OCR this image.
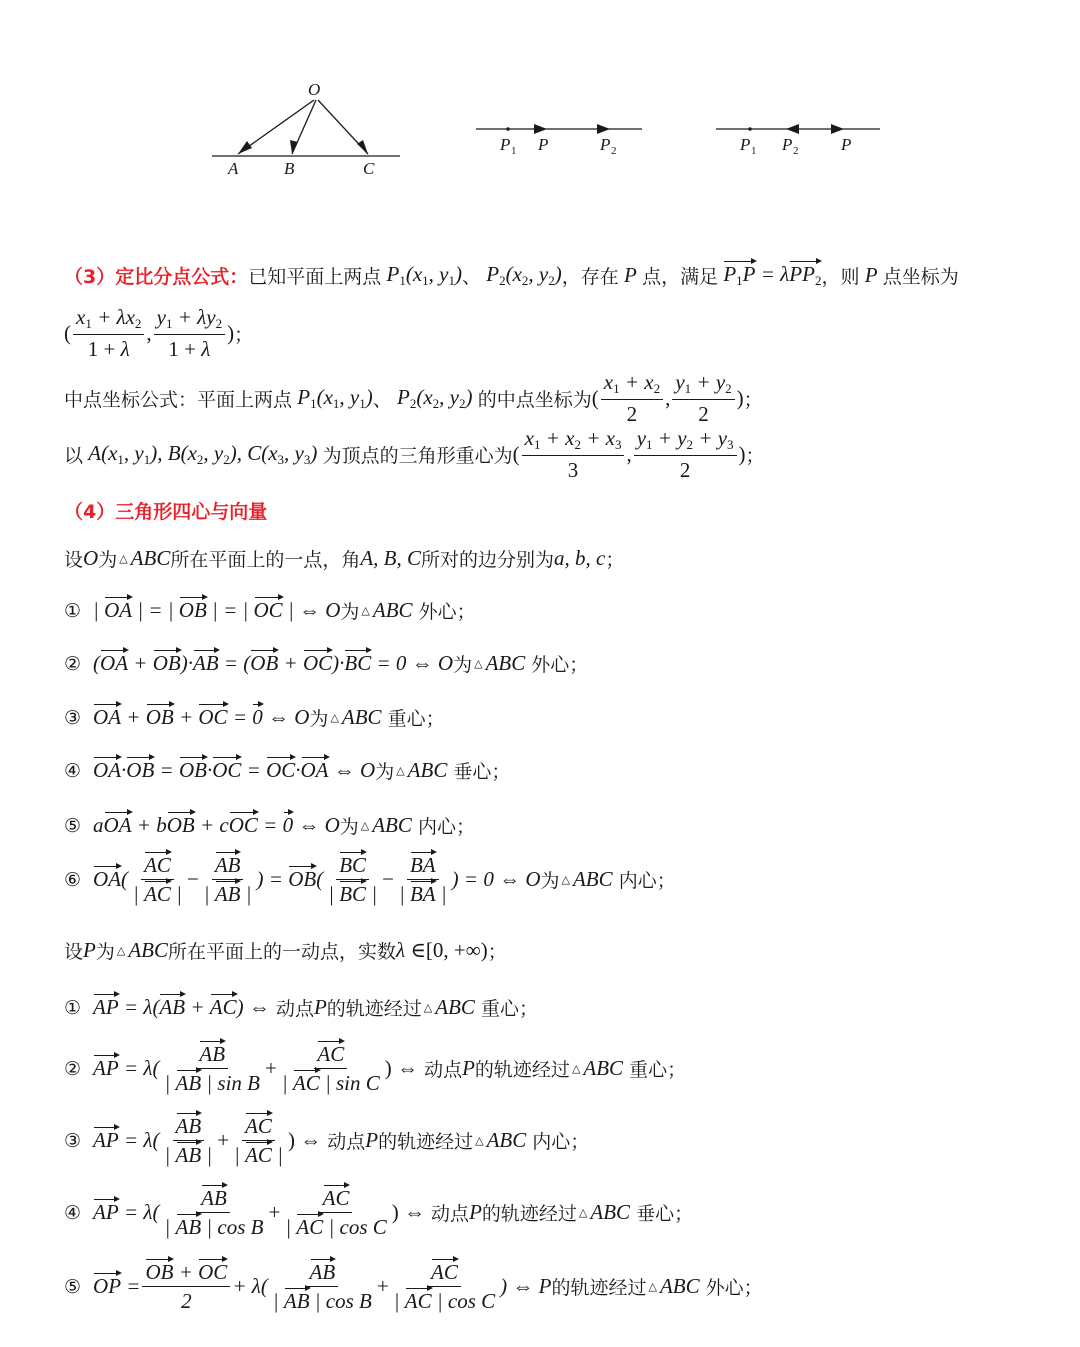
O
A	B	C
P 1 P	P 2	P 1 P 2	P
（3）定比分点公式： 已知平面上两点 $P_1(x_1$, $y_1$) 、 $P_2(x_2$, $y_2$) ，存在 P 点，满足 $P_1P = \lambda PP_2$ ，则 P 点坐标为
( $\frac{x_1 + \lambda x_2}{1 + \lambda}$ , $\frac{y_1 + \lambda y_2}{1 + \lambda}$ ) ；
中点坐标公式：平面上两点 $P_1(x_1$, $y_1$) 、 $P_2(x_2$, $y_2$) 的中点坐标为 ( $\frac{x_1 + x_2}{2}$ , $\frac{y_1 + y_2}{2}$ ) ；
以 $A(x_1$, $y_1$), $B(x_2$, $y_2$), $C(x_3$, $y_3$) 为顶点的三角形重心为 ( $\frac{x_1 + x_2 + x_3}{3}$ , $\frac{y_1 + y_2 + y_3}{2}$ ) ；
（4）三角形四心与向量
设 O 为 △ ABC 所在平面上的一点，角 A, B, C 所对的边分别为 a, b, c ；
① | OA | = | OB | = | OC | ⇔ O 为 △ ABC
外心；
② (OA + OB)·AB = (OB + OC)·BC = 0 ⇔ O 为 △ ABC
外心；
③ OA + OB + OC = 0 ⇔ O 为 △ ABC
重心；
④ OA·OB = OB·OC = OC·OA ⇔ O 为 △ ABC
垂心；
⑤ aOA + bOB + cOC = 0 ⇔ O 为 △ ABC
内心；
⑥ $OA( \frac{AC}{| AC |} - \frac{AB}{| AB |}$ ) = $OB( \frac{BC}{| BC |} - \frac{BA}{| BA |}$ ) = 0 ⇔ O 为 △ ABC
内心；
设 P 为 △ ABC 所在平面上的一动点，实数 λ ∈ [0, +∞) ；
① AP = λ(AB + AC) ⇔
动点 P 的轨迹经过 △ ABC
重心；
② AP = $\lambda( \frac{AB}{\text{| AB | sin B}} + \frac{AC}{\text{| AC | sin C}}$ ) ⇔
动点 P 的轨迹经过 △ ABC
重心；
③ AP = $\lambda( \frac{AB}{| AB |} + \frac{AC}{| AC |}$ ) ⇔
动点 P 的轨迹经过 △ ABC
内心；
④ AP = $\lambda( \frac{AB}{\text{| AB | cos B}} + \frac{AC}{\text{| AC | cos C}}$ ) ⇔
动点 P 的轨迹经过 △ ABC
垂心；
⑤ OP = $\frac{OB + OC}{2} + \lambda( \frac{AB}{\text{| AB | cos B}} + \frac{AC}{\text{| AC | cos C}}$ ) ⇔ P 的轨迹经过 △ ABC
外心；
